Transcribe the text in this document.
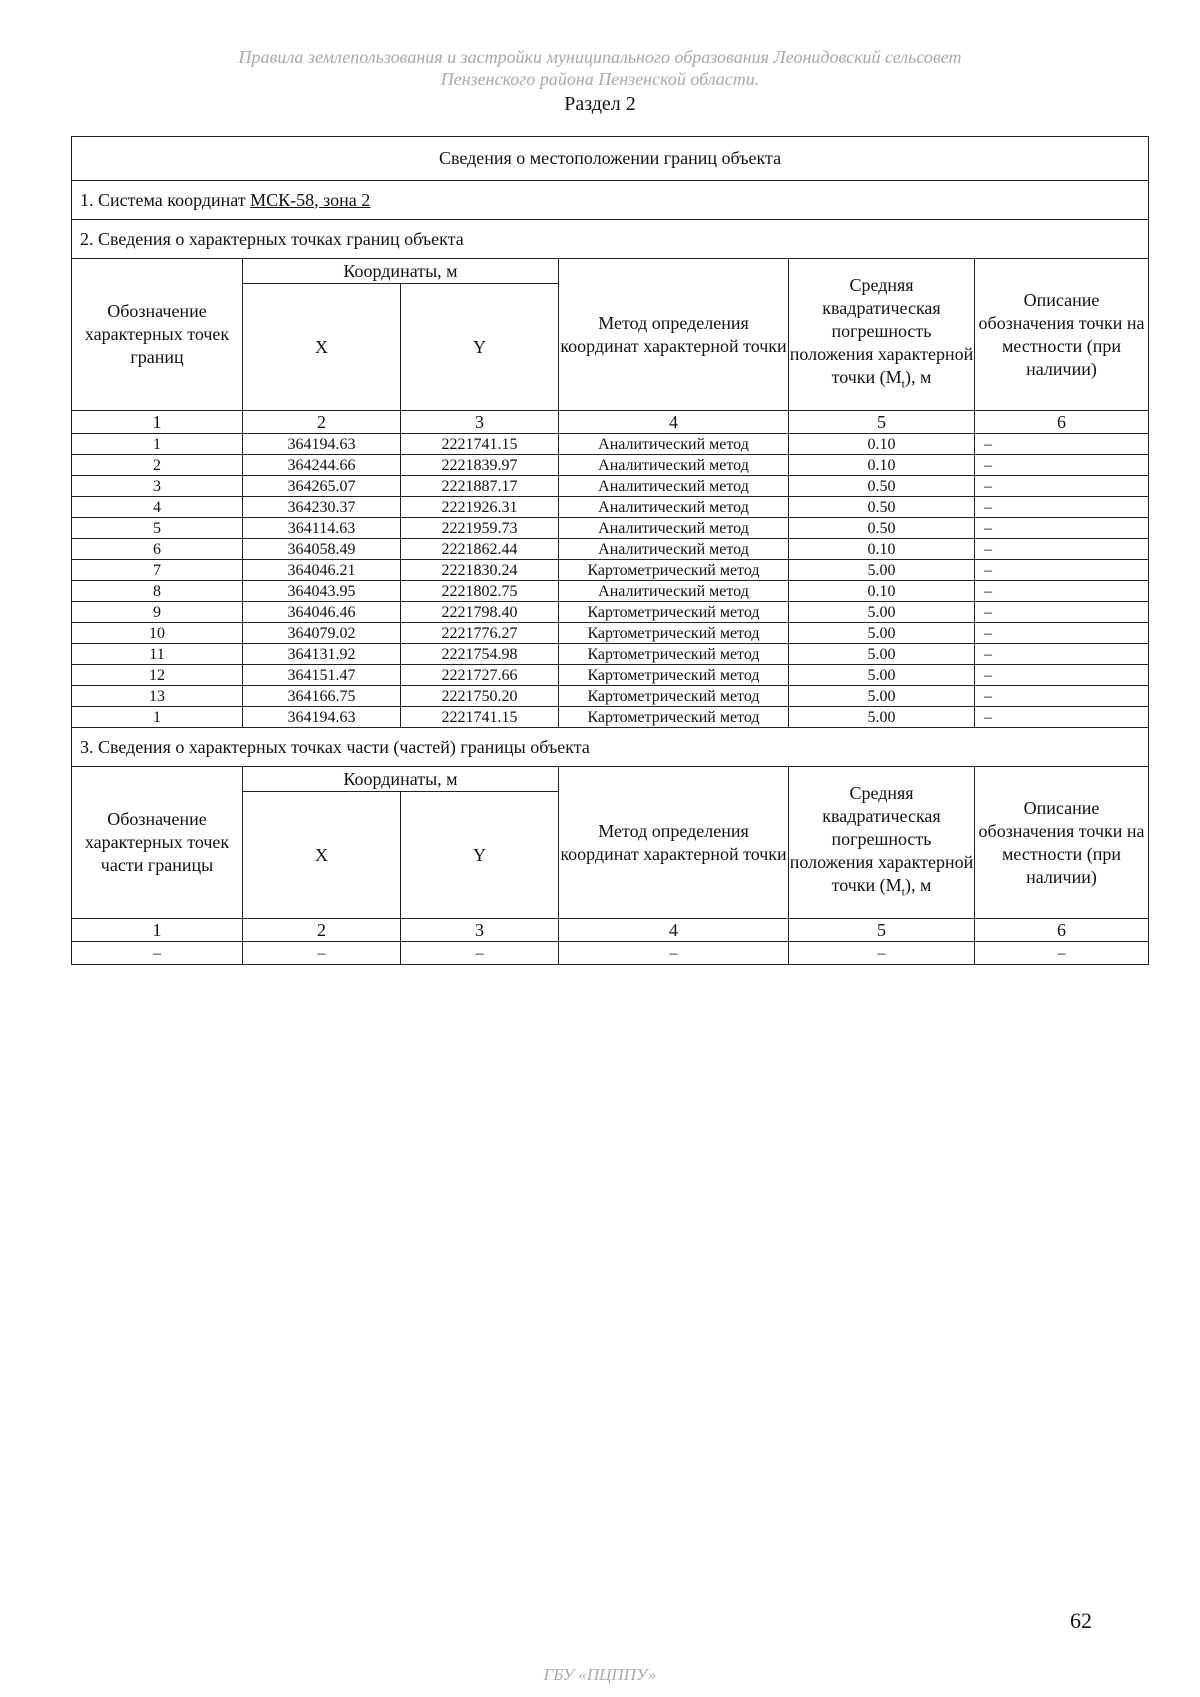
Правила землепользования и застройки муниципального образования Леонидовский сельсовет
Пензенского района Пензенской области.
Раздел 2
Сведения о местоположении границ объекта					
1. Система координат МСК-58, зона 2					
2. Сведения о характерных точках границ объекта					
Обозначение характерных точек границ	Координаты, м		Метод определения координат характерной точки	Средняя квадратическая погрешность положения характерной точки $(M_t)$, м	Описание обозначения точки на местности (при наличии)
	X	Y			
1	2	3	4	5	6
1	364194.63	2221741.15	Аналитический метод	0.10	–
2	364244.66	2221839.97	Аналитический метод	0.10	–
3	364265.07	2221887.17	Аналитический метод	0.50	–
4	364230.37	2221926.31	Аналитический метод	0.50	–
5	364114.63	2221959.73	Аналитический метод	0.50	–
6	364058.49	2221862.44	Аналитический метод	0.10	–
7	364046.21	2221830.24	Картометрический метод	5.00	–
8	364043.95	2221802.75	Аналитический метод	0.10	–
9	364046.46	2221798.40	Картометрический метод	5.00	–
10	364079.02	2221776.27	Картометрический метод	5.00	–
11	364131.92	2221754.98	Картометрический метод	5.00	–
12	364151.47	2221727.66	Картометрический метод	5.00	–
13	364166.75	2221750.20	Картометрический метод	5.00	–
1	364194.63	2221741.15	Картометрический метод	5.00	–
3. Сведения о характерных точках части (частей) границы объекта					
Обозначение характерных точек части границы	Координаты, м		Метод определения координат характерной точки	Средняя квадратическая погрешность положения характерной точки $(M_t)$, м	Описание обозначения точки на местности (при наличии)
	X	Y			
1	2	3	4	5	6
–	–	–	–	–	–
62
ГБУ «ПЦППУ»
